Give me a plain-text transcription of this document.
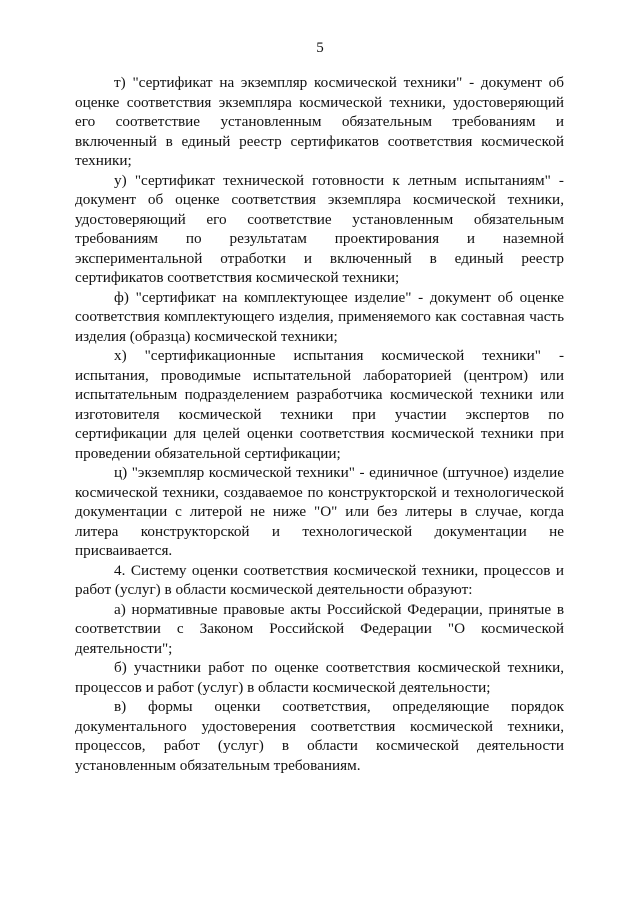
5

т) "сертификат на экземпляр космической техники" - документ об оценке соответствия экземпляра космической техники, удостоверяющий его соответствие установленным обязательным требованиям и включенный в единый реестр сертификатов соответствия космической техники;

у) "сертификат технической готовности к летным испытаниям" - документ об оценке соответствия экземпляра космической техники, удостоверяющий его соответствие установленным обязательным требованиям по результатам проектирования и наземной экспериментальной отработки и включенный в единый реестр сертификатов соответствия космической техники;

ф) "сертификат на комплектующее изделие" - документ об оценке соответствия комплектующего изделия, применяемого как составная часть изделия (образца) космической техники;

х) "сертификационные испытания космической техники" - испытания, проводимые испытательной лабораторией (центром) или испытательным подразделением разработчика космической техники или изготовителя космической техники при участии экспертов по сертификации для целей оценки соответствия космической техники при проведении обязательной сертификации;

ц) "экземпляр космической техники" - единичное (штучное) изделие космической техники, создаваемое по конструкторской и технологической документации с литерой не ниже "О" или без литеры в случае, когда литера конструкторской и технологической документации не присваивается.

4. Систему оценки соответствия космической техники, процессов и работ (услуг) в области космической деятельности образуют:

а) нормативные правовые акты Российской Федерации, принятые в соответствии с Законом Российской Федерации "О космической деятельности";

б) участники работ по оценке соответствия космической техники, процессов и работ (услуг) в области космической деятельности;

в) формы оценки соответствия, определяющие порядок документального удостоверения соответствия космической техники, процессов, работ (услуг) в области космической деятельности установленным обязательным требованиям.
